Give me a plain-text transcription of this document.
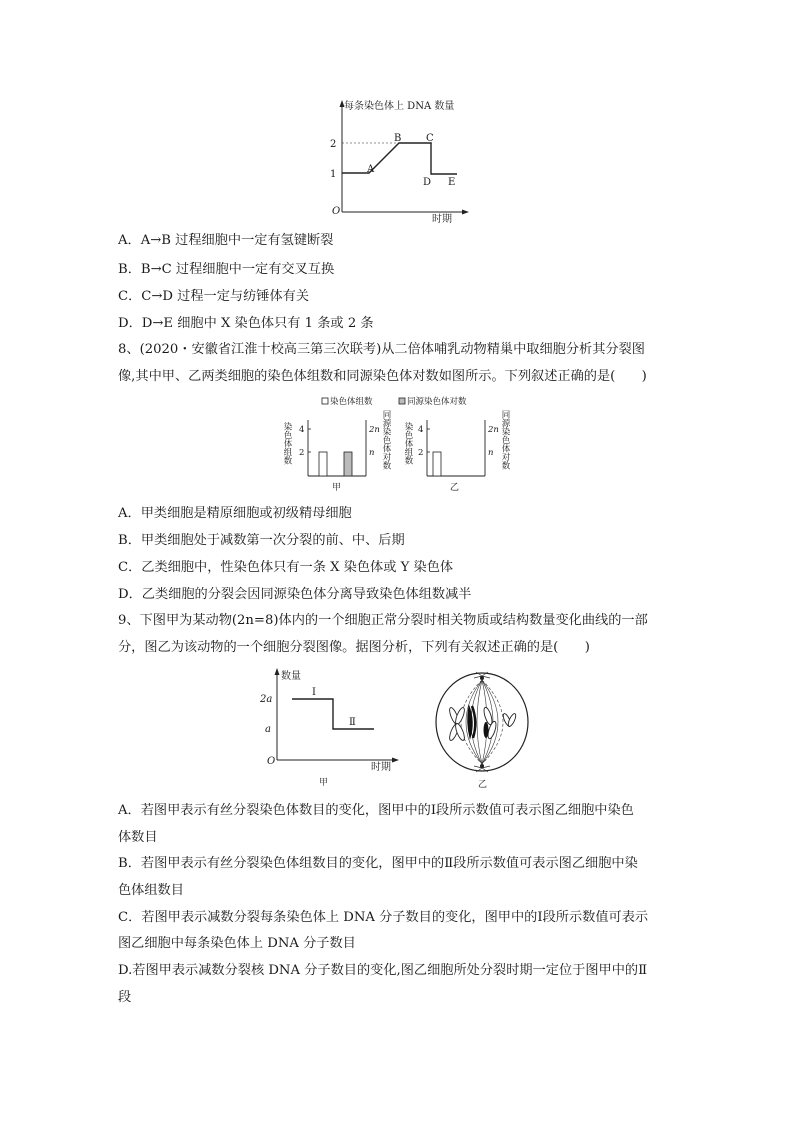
每条染色体上 DNA 数量
2
1
O
时期
A
B C
D E
A．A→B 过程细胞中一定有氢键断裂
B．B→C 过程细胞中一定有交叉互换
C．C→D 过程一定与纺锤体有关
D．D→E 细胞中 X 染色体只有 1 条或 2 条
8、(2020・安徽省江淮十校高三第三次联考)从二倍体哺乳动物精巢中取细胞分析其分裂图
像,其中甲、乙两类细胞的染色体组数和同源染色体对数如图所示。下列叙述正确的是(　　)
染色体组数	同源染色体对数
染色体组数 4
2
2n
n 同源染色体对数
甲
染色体组数 4
2
2n
n 同源染色体对数
乙
A．甲类细胞是精原细胞或初级精母细胞
B．甲类细胞处于减数第一次分裂的前、中、后期
C．乙类细胞中，性染色体只有一条 X 染色体或 Y 染色体
D．乙类细胞的分裂会因同源染色体分离导致染色体组数减半
9、下图甲为某动物(2n=8)体内的一个细胞正常分裂时相关物质或结构数量变化曲线的一部
分，图乙为该动物的一个细胞分裂图像。据图分析，下列有关叙述正确的是(　　)
数量
2a
a
O
时期
Ⅰ
Ⅱ
甲	乙
A．若图甲表示有丝分裂染色体数目的变化，图甲中的Ⅰ段所示数值可表示图乙细胞中染色
体数目
B．若图甲表示有丝分裂染色体组数目的变化，图甲中的Ⅱ段所示数值可表示图乙细胞中染
色体组数目
C．若图甲表示减数分裂每条染色体上 DNA 分子数目的变化，图甲中的Ⅰ段所示数值可表示
图乙细胞中每条染色体上 DNA 分子数目
D.若图甲表示减数分裂核 DNA 分子数目的变化,图乙细胞所处分裂时期一定位于图甲中的Ⅱ
段
